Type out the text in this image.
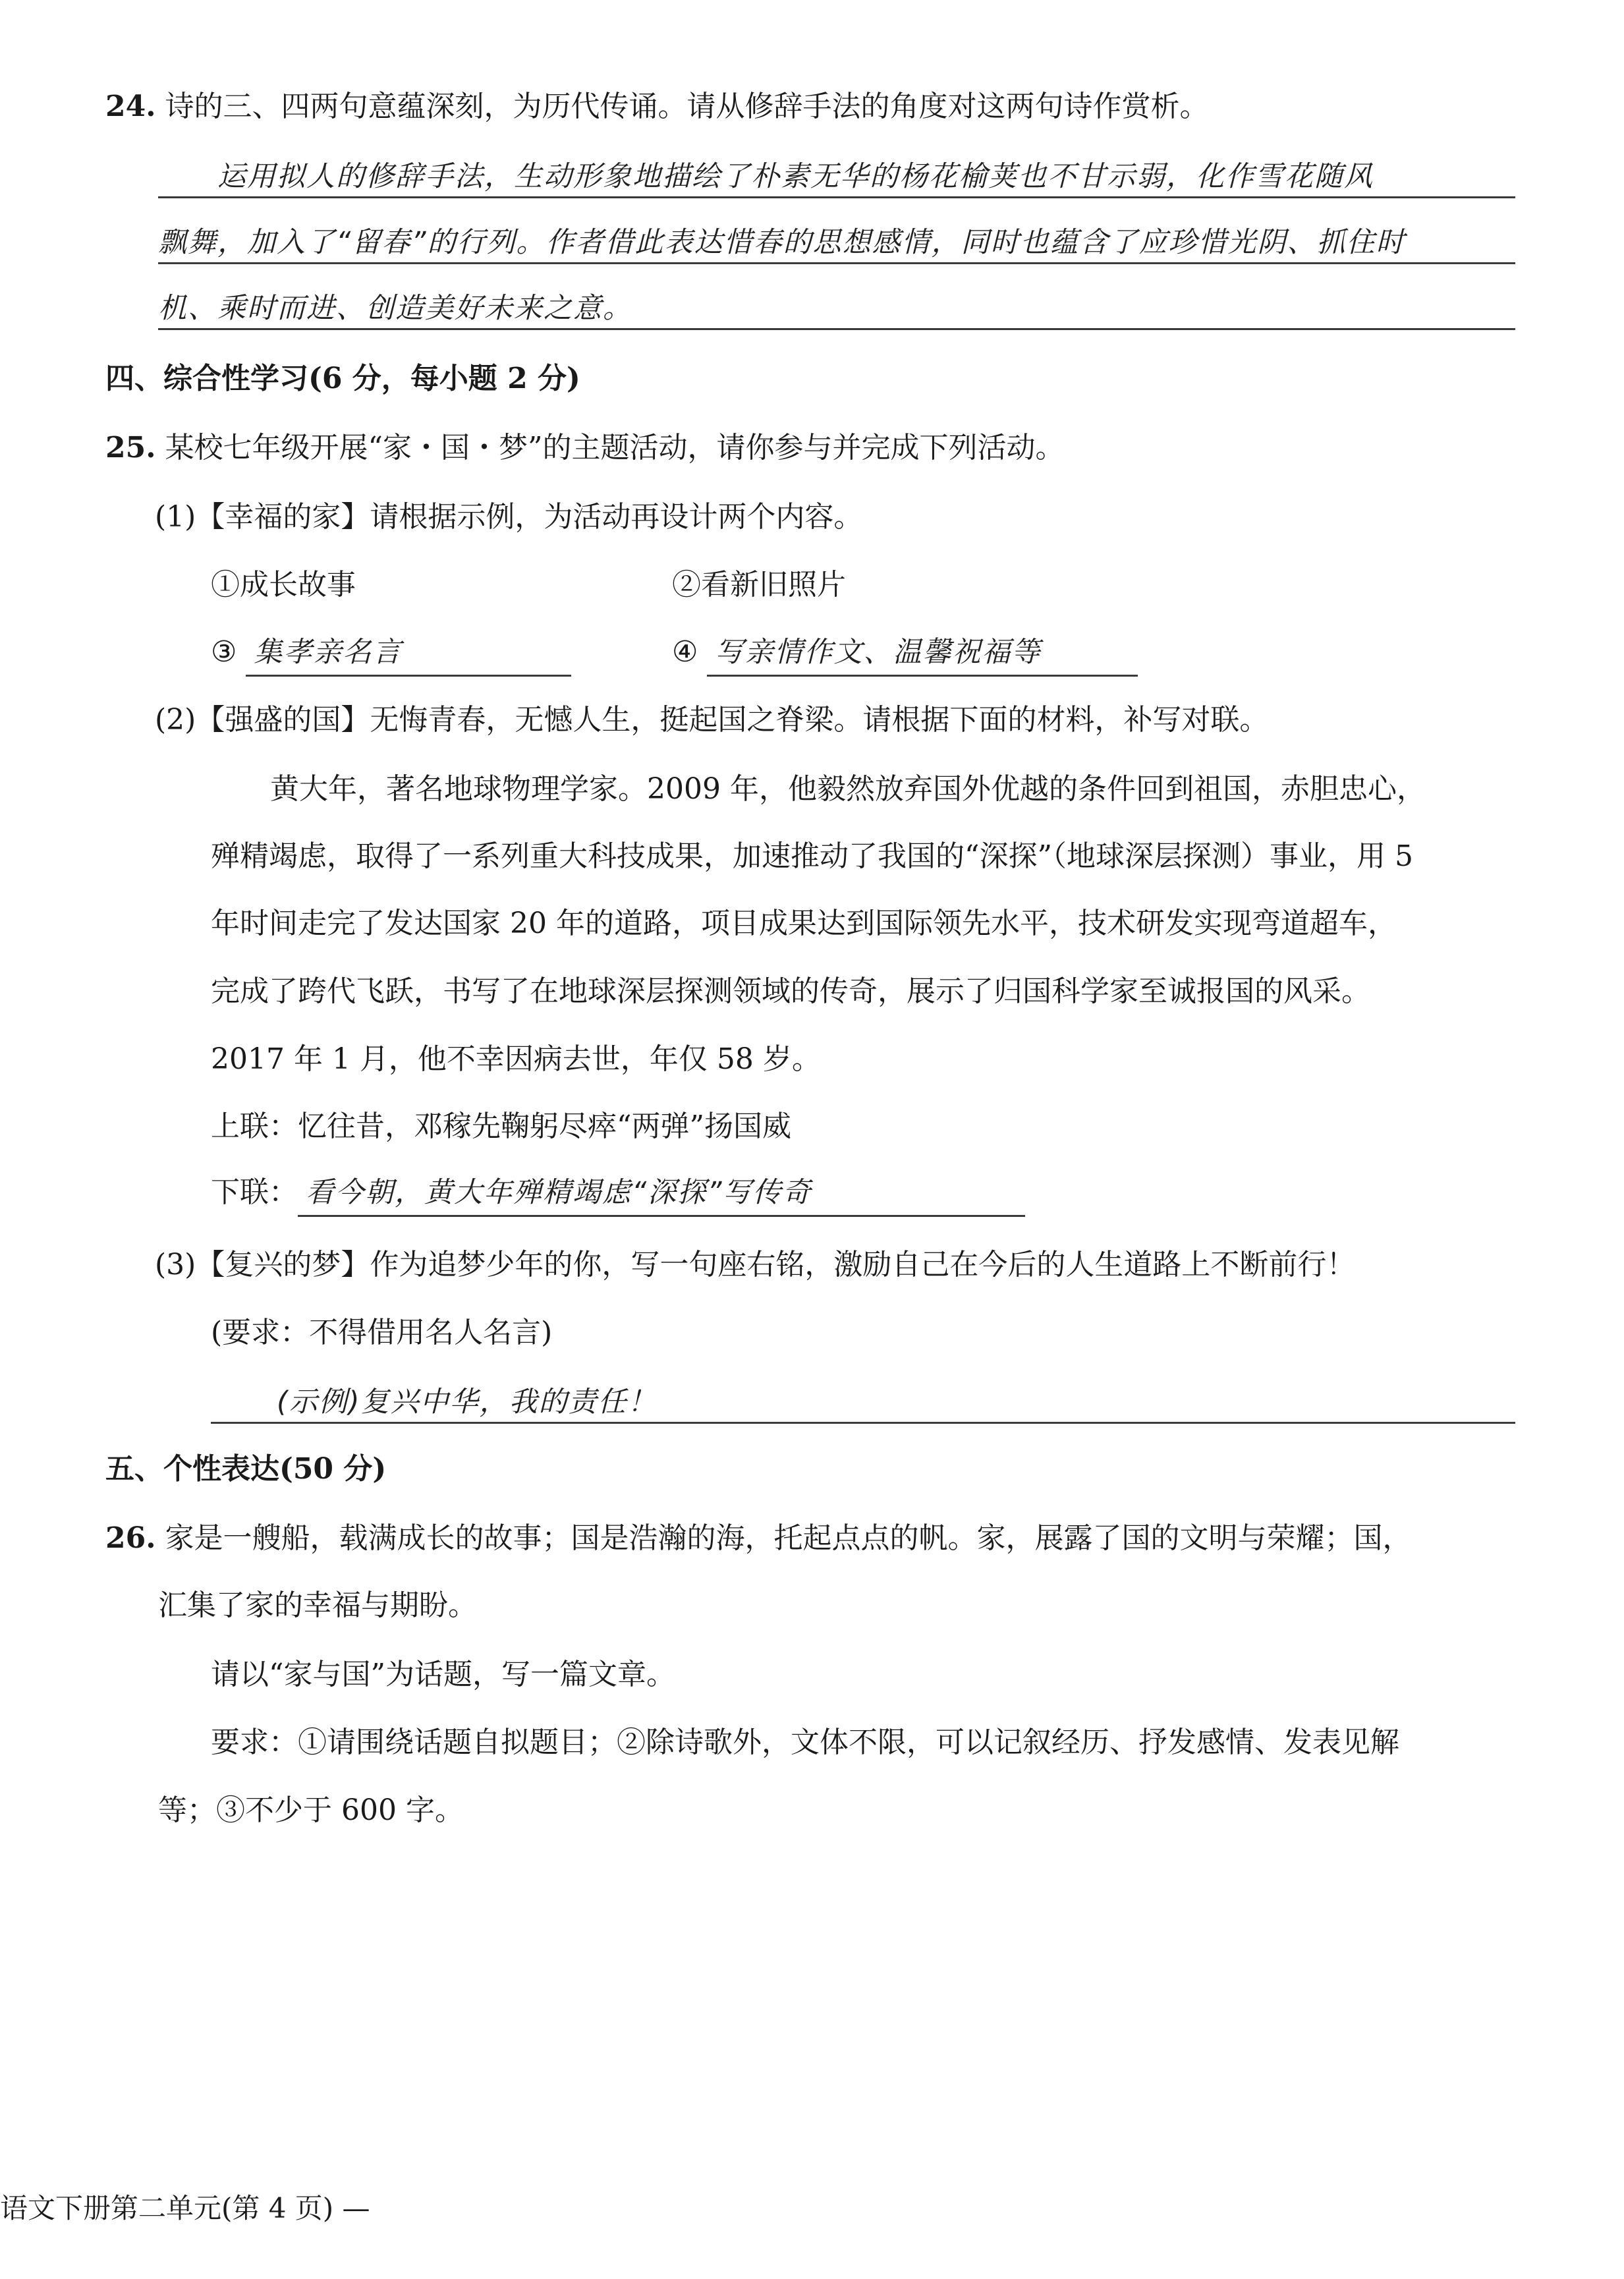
24. 诗的三、四两句意蕴深刻，为历代传诵。请从修辞手法的角度对这两句诗作赏析。
运用拟人的修辞手法，生动形象地描绘了朴素无华的杨花榆荚也不甘示弱，化作雪花随风
飘舞，加入了“留春”的行列。作者借此表达惜春的思想感情，同时也蕴含了应珍惜光阴、抓住时
机、乘时而进、创造美好未来之意。
四、综合性学习(6 分，每小题 2 分)
25. 某校七年级开展“家・国・梦”的主题活动，请你参与并完成下列活动。
(1)【幸福的家】请根据示例，为活动再设计两个内容。
①成长故事	②看新旧照片
③ 集孝亲名言	④ 写亲情作文、温馨祝福等
(2)【强盛的国】无悔青春，无憾人生，挺起国之脊梁。请根据下面的材料，补写对联。
黄大年，著名地球物理学家。2009 年，他毅然放弃国外优越的条件回到祖国，赤胆忠心，
殚精竭虑，取得了一系列重大科技成果，加速推动了我国的“深探”（地球深层探测）事业，用 5
年时间走完了发达国家 20 年的道路，项目成果达到国际领先水平，技术研发实现弯道超车，
完成了跨代飞跃，书写了在地球深层探测领域的传奇，展示了归国科学家至诚报国的风采。
2017 年 1 月，他不幸因病去世，年仅 58 岁。
上联：忆往昔，邓稼先鞠躬尽瘁“两弹”扬国威
下联： 看今朝，黄大年殚精竭虑“深探”写传奇
(3)【复兴的梦】作为追梦少年的你，写一句座右铭，激励自己在今后的人生道路上不断前行！
(要求：不得借用名人名言)
(示例)复兴中华，我的责任！
五、个性表达(50 分)
26. 家是一艘船，载满成长的故事；国是浩瀚的海，托起点点的帆。家，展露了国的文明与荣耀；国，
汇集了家的幸福与期盼。
请以“家与国”为话题，写一篇文章。
要求：①请围绕话题自拟题目；②除诗歌外，文体不限，可以记叙经历、抒发感情、发表见解
等；③不少于 600 字。
语文下册第二单元(第 4 页) —
